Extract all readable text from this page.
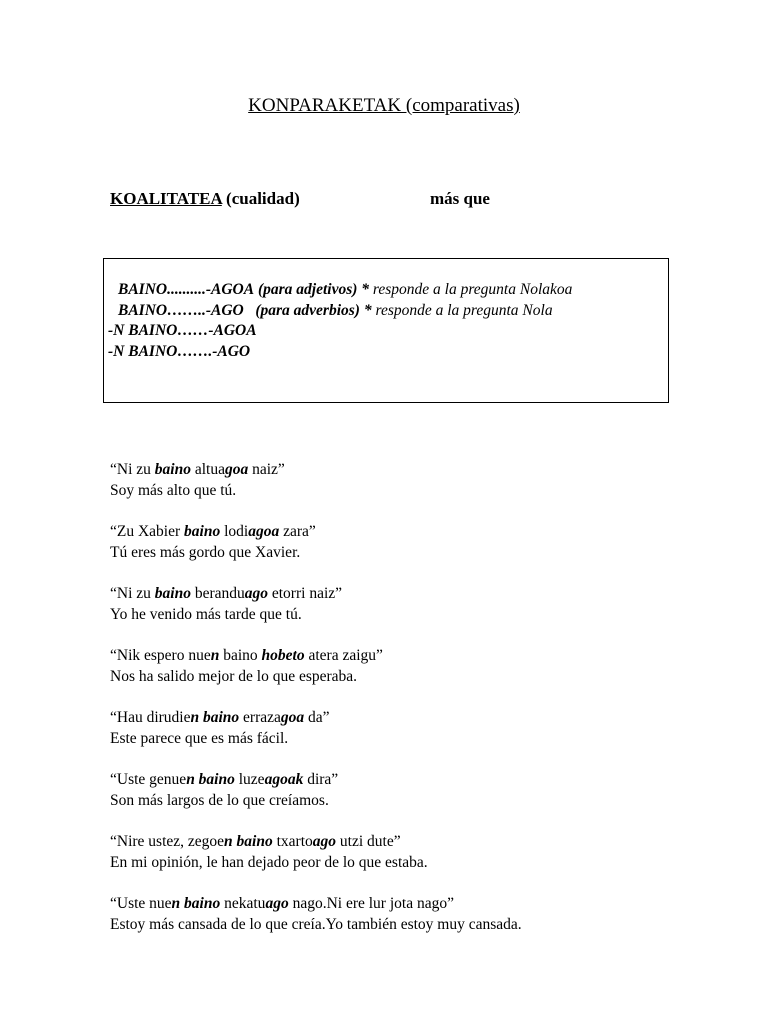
KONPARAKETAK (comparativas)
KOALITATEA (cualidad)	más que
BAINO..........-AGOA (para adjetivos) * responde a la pregunta Nolakoa
BAINO……..-AGO (para adverbios) * responde a la pregunta Nola
-N BAINO……-AGOA
-N BAINO…….-AGO
“Ni zu baino altuagoa naiz”
Soy más alto que tú.
“Zu Xabier baino lodiagoa zara”
Tú eres más gordo que Xavier.
“Ni zu baino beranduago etorri naiz”
Yo he venido más tarde que tú.
“Nik espero nuen baino hobeto atera zaigu”
Nos ha salido mejor de lo que esperaba.
“Hau dirudien baino errazagoa da”
Este parece que es más fácil.
“Uste genuen baino luzeagoak dira”
Son más largos de lo que creíamos.
“Nire ustez, zegoen baino txartoago utzi dute”
En mi opinión, le han dejado peor de lo que estaba.
“Uste nuen baino nekatuago nago.Ni ere lur jota nago”
Estoy más cansada de lo que creía.Yo también estoy muy cansada.
